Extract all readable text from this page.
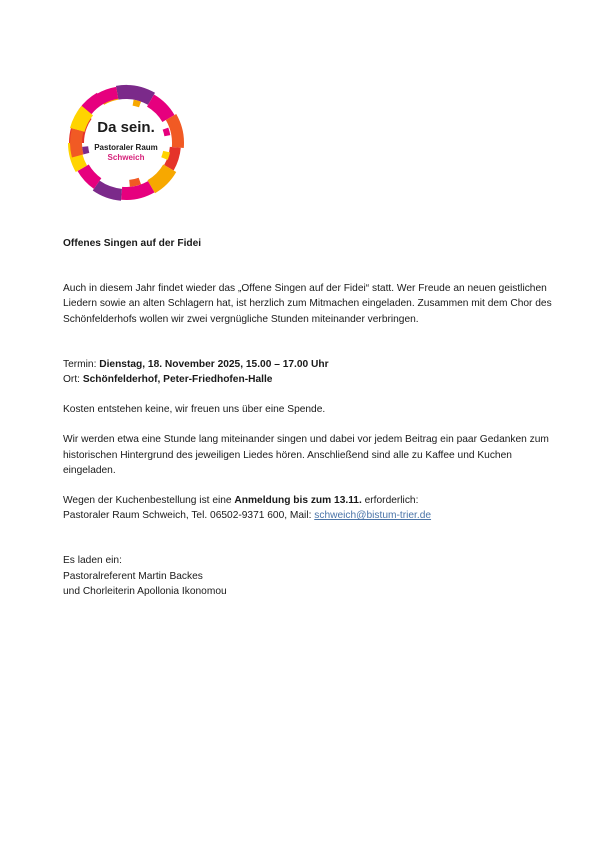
Da sein.
Pastoraler Raum
Schweich

Offenes Singen auf der Fidei

Auch in diesem Jahr findet wieder das „Offene Singen auf der Fidei“ statt. Wer Freude an neuen geistlichen Liedern sowie an alten Schlagern hat, ist herzlich zum Mitmachen eingeladen. Zusammen mit dem Chor des Schönfelderhofs wollen wir zwei vergnügliche Stunden miteinander verbringen.

Termin: Dienstag, 18. November 2025, 15.00 – 17.00 Uhr

Ort: Schönfelderhof, Peter-Friedhofen-Halle

Kosten entstehen keine, wir freuen uns über eine Spende.

Wir werden etwa eine Stunde lang miteinander singen und dabei vor jedem Beitrag ein paar Gedanken zum historischen Hintergrund des jeweiligen Liedes hören. Anschließend sind alle zu Kaffee und Kuchen eingeladen.

Wegen der Kuchenbestellung ist eine Anmeldung bis zum 13.11. erforderlich:

Pastoraler Raum Schweich, Tel. 06502-9371 600, Mail: schweich@bistum-trier.de

Es laden ein:

Pastoralreferent Martin Backes

und Chorleiterin Apollonia Ikonomou
